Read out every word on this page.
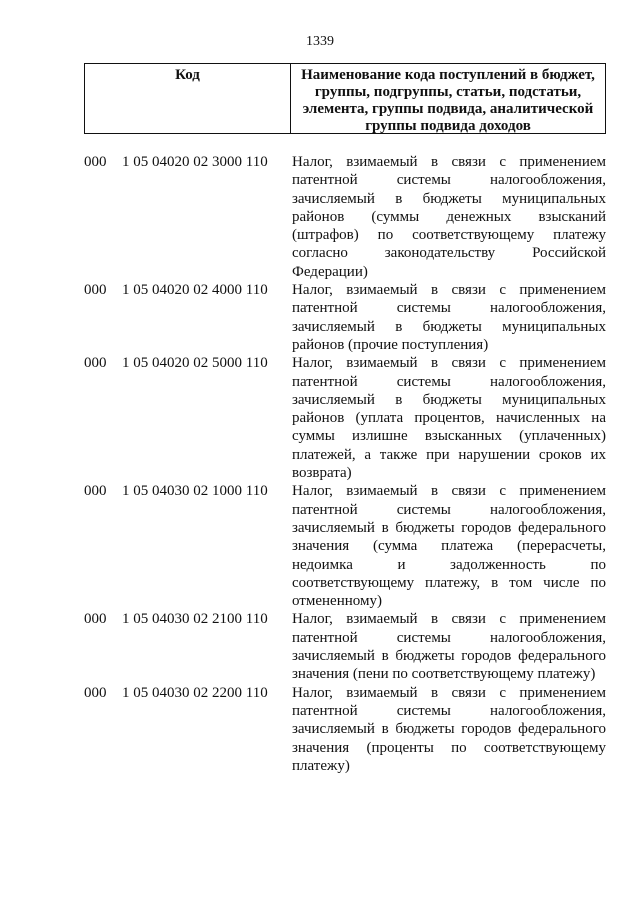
1339
Код	Наименование кода поступлений в бюджет, группы, подгруппы, статьи, подстатьи, элемента, группы подвида, аналитической группы подвида доходов
000	1 05 04020 02 3000 110	Налог, взимаемый в связи с применением патентной системы налогообложения, зачисляемый в бюджеты муниципальных районов (суммы денежных взысканий (штрафов) по соответствующему платежу согласно законодательству Российской Федерации)
000	1 05 04020 02 4000 110	Налог, взимаемый в связи с применением патентной системы налогообложения, зачисляемый в бюджеты муниципальных районов (прочие поступления)
000	1 05 04020 02 5000 110	Налог, взимаемый в связи с применением патентной системы налогообложения, зачисляемый в бюджеты муниципальных районов (уплата процентов, начисленных на суммы излишне взысканных (уплаченных) платежей, а также при нарушении сроков их возврата)
000	1 05 04030 02 1000 110	Налог, взимаемый в связи с применением патентной системы налогообложения, зачисляемый в бюджеты городов федерального значения (сумма платежа (перерасчеты, недоимка и задолженность по соответствующему платежу, в том числе по отмененному)
000	1 05 04030 02 2100 110	Налог, взимаемый в связи с применением патентной системы налогообложения, зачисляемый в бюджеты городов федерального значения (пени по соответствующему платежу)
000	1 05 04030 02 2200 110	Налог, взимаемый в связи с применением патентной системы налогообложения, зачисляемый в бюджеты городов федерального значения (проценты по соответствующему платежу)
